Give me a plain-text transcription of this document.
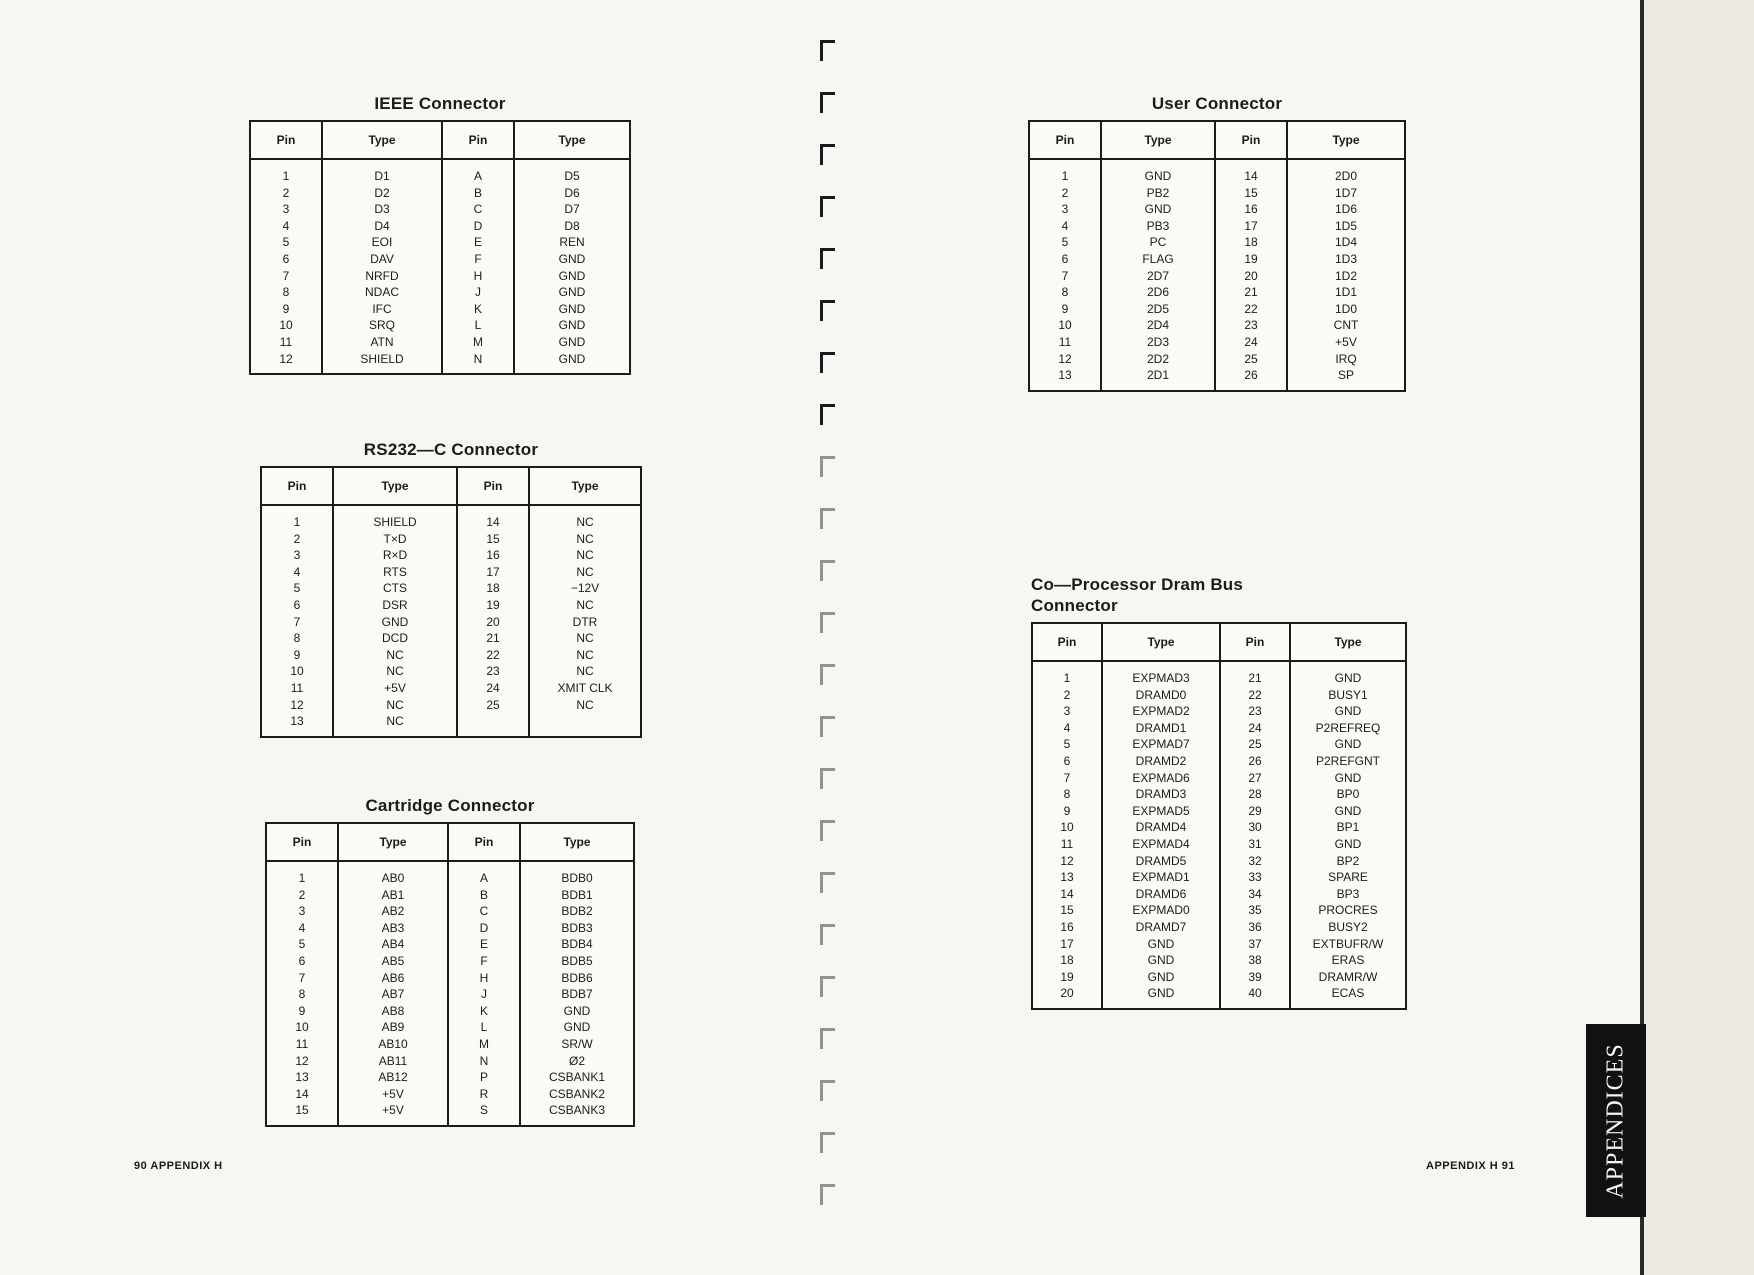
IEEE Connector
Pin	Type	Pin	Type
1	D1	A	D5
2	D2	B	D6
3	D3	C	D7
4	D4	D	D8
5	EOI	E	REN
6	DAV	F	GND
7	NRFD	H	GND
8	NDAC	J	GND
9	IFC	K	GND
10	SRQ	L	GND
11	ATN	M	GND
12	SHIELD	N	GND
RS232—C Connector
Pin	Type	Pin	Type
1	SHIELD	14	NC
2	T×D	15	NC
3	R×D	16	NC
4	RTS	17	NC
5	CTS	18	−12V
6	DSR	19	NC
7	GND	20	DTR
8	DCD	21	NC
9	NC	22	NC
10	NC	23	NC
11	+5V	24	XMIT CLK
12	NC	25	NC
13	NC		
Cartridge Connector
Pin	Type	Pin	Type
1	AB0	A	BDB0
2	AB1	B	BDB1
3	AB2	C	BDB2
4	AB3	D	BDB3
5	AB4	E	BDB4
6	AB5	F	BDB5
7	AB6	H	BDB6
8	AB7	J	BDB7
9	AB8	K	GND
10	AB9	L	GND
11	AB10	M	SR/W
12	AB11	N	Ø2
13	AB12	P	CSBANK1
14	+5V	R	CSBANK2
15	+5V	S	CSBANK3
User Connector
Pin	Type	Pin	Type
1	GND	14	2D0
2	PB2	15	1D7
3	GND	16	1D6
4	PB3	17	1D5
5	PC	18	1D4
6	FLAG	19	1D3
7	2D7	20	1D2
8	2D6	21	1D1
9	2D5	22	1D0
10	2D4	23	CNT
11	2D3	24	+5V
12	2D2	25	IRQ
13	2D1	26	SP
Co—Processor Dram Bus
Connector
Pin	Type	Pin	Type
1	EXPMAD3	21	GND
2	DRAMD0	22	BUSY1
3	EXPMAD2	23	GND
4	DRAMD1	24	P2REFREQ
5	EXPMAD7	25	GND
6	DRAMD2	26	P2REFGNT
7	EXPMAD6	27	GND
8	DRAMD3	28	BP0
9	EXPMAD5	29	GND
10	DRAMD4	30	BP1
11	EXPMAD4	31	GND
12	DRAMD5	32	BP2
13	EXPMAD1	33	SPARE
14	DRAMD6	34	BP3
15	EXPMAD0	35	PROCRES
16	DRAMD7	36	BUSY2
17	GND	37	EXTBUFR/W
18	GND	38	ERAS
19	GND	39	DRAMR/W
20	GND	40	ECAS
90 APPENDIX H	APPENDIX H 91	APPENDICES
